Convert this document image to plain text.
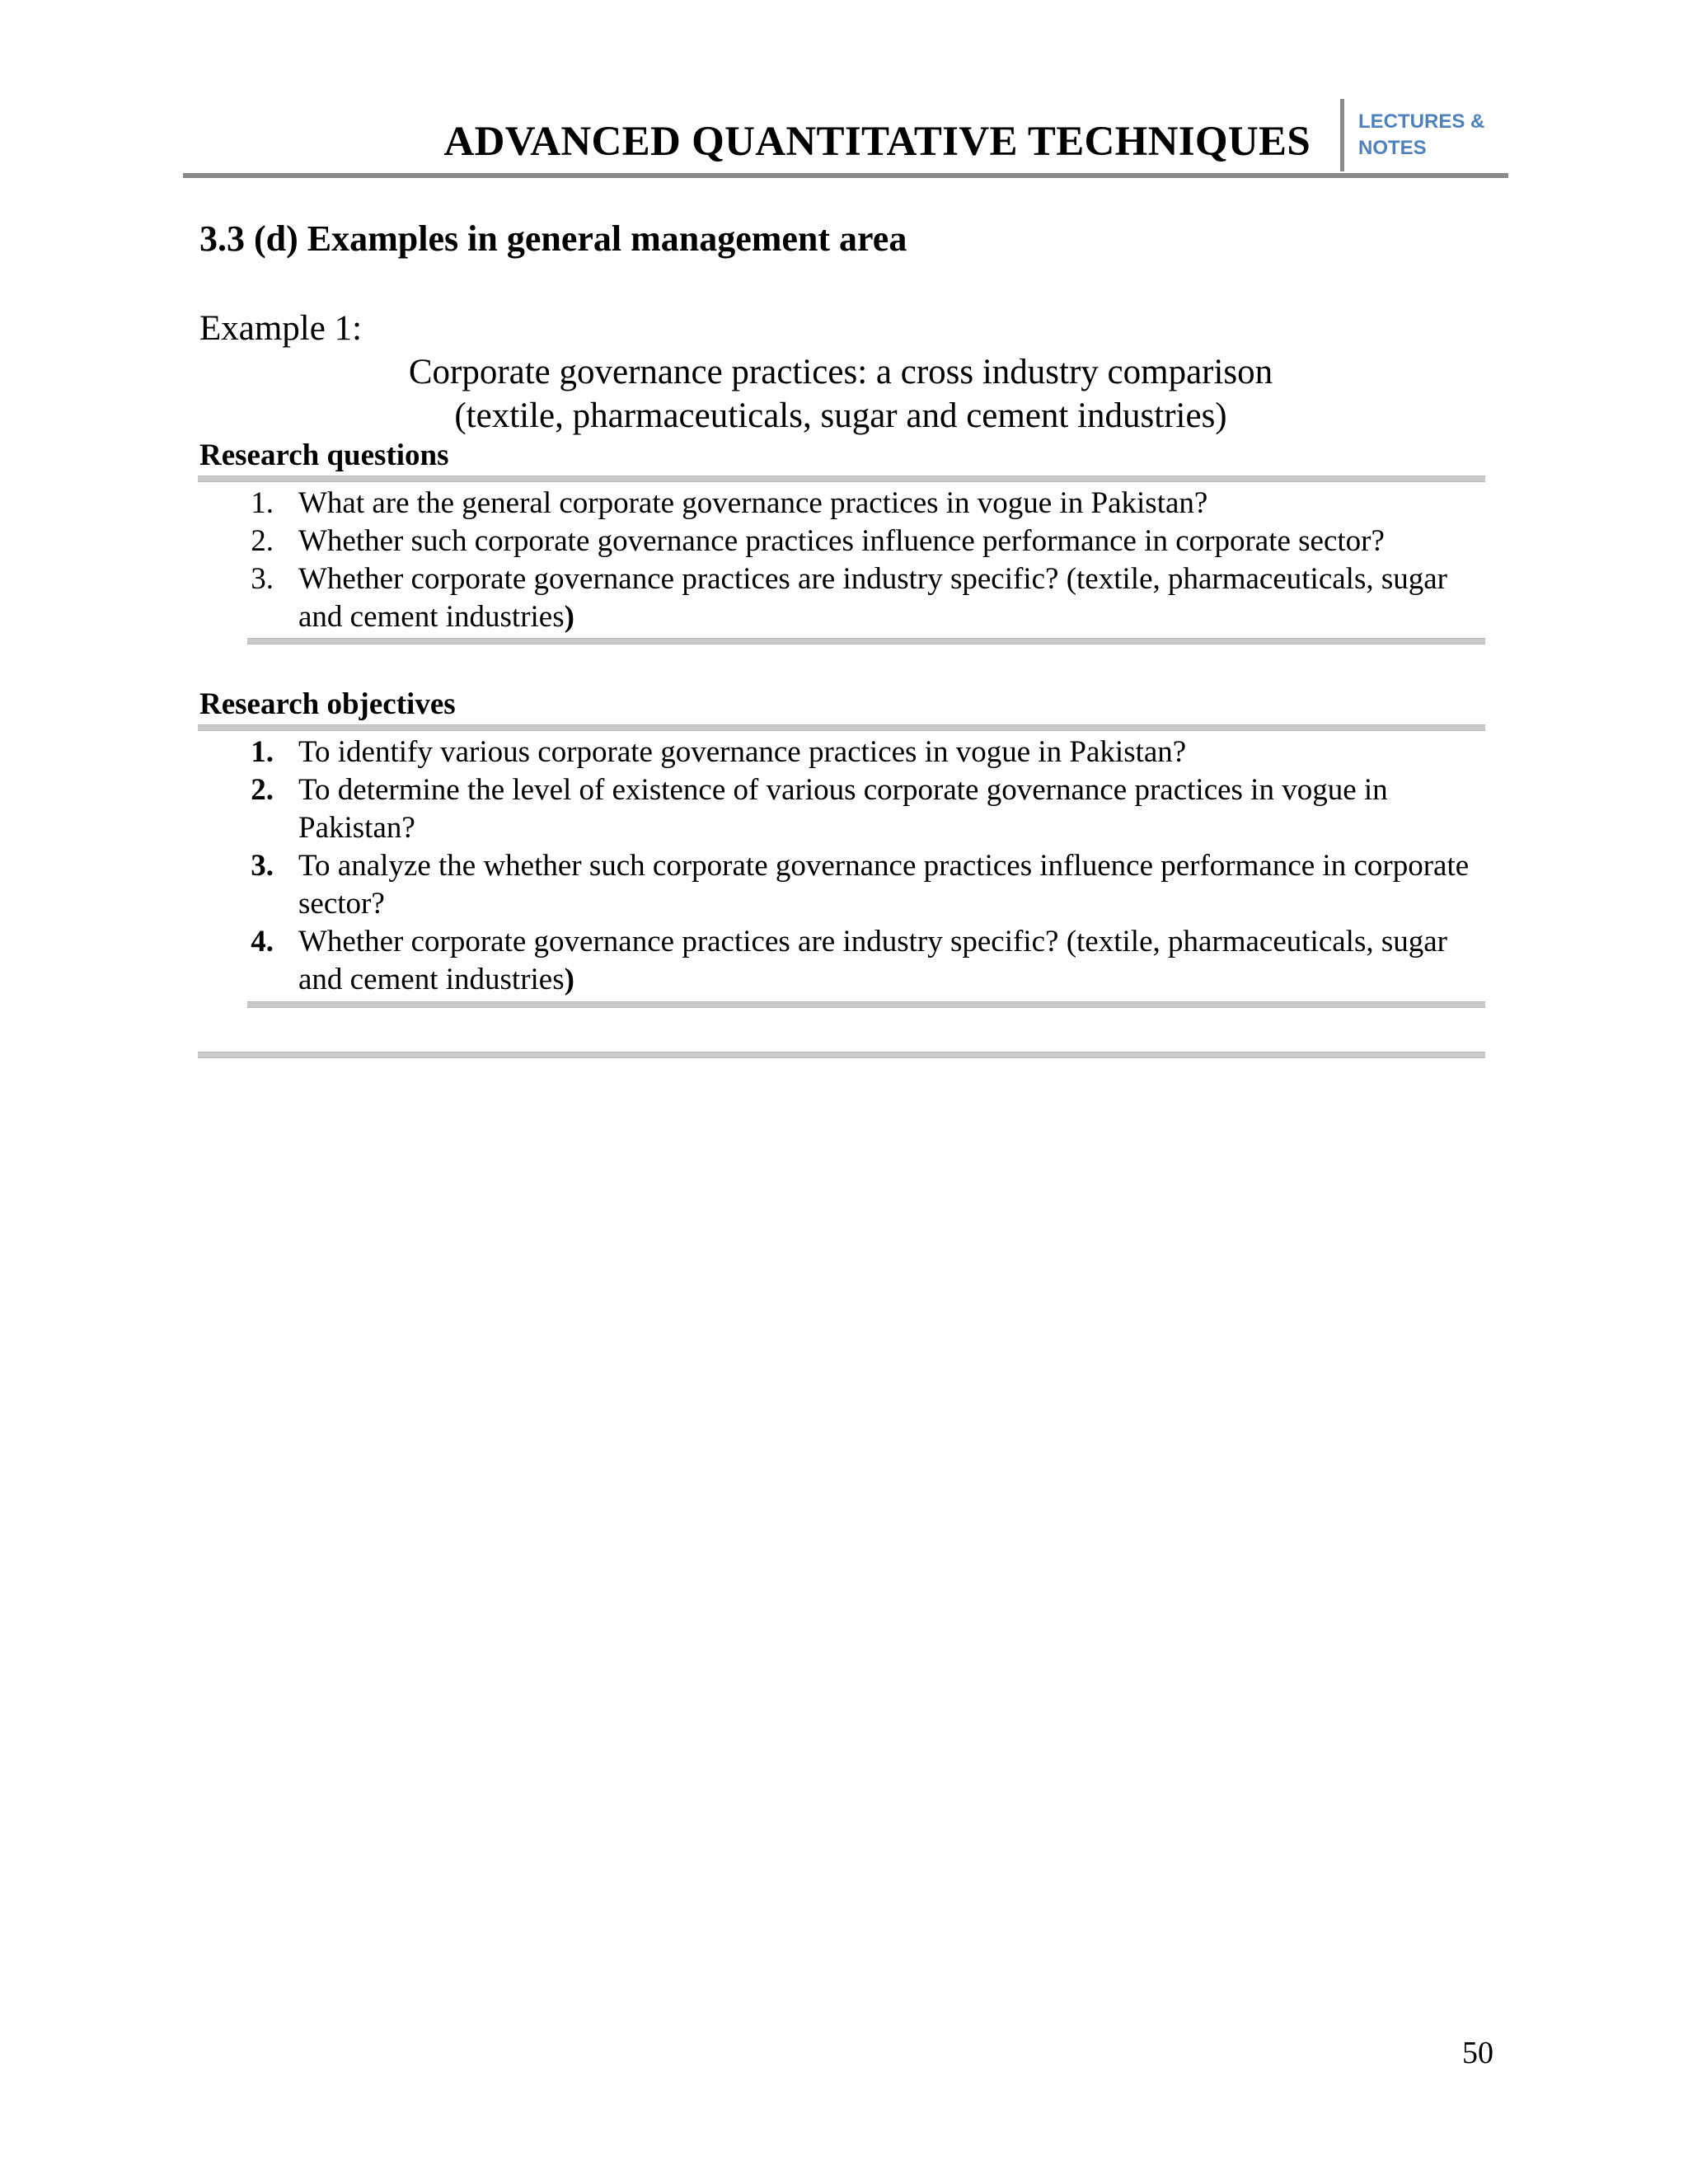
ADVANCED QUANTITATIVE TECHNIQUES LECTURES &
NOTES
3.3 (d) Examples in general management area
Example 1:
Corporate governance practices: a cross industry comparison
(textile, pharmaceuticals, sugar and cement industries)
Research questions
1. What are the general corporate governance practices in vogue in Pakistan?
2. Whether such corporate governance practices influence performance in corporate sector?
3. Whether corporate governance practices are industry specific? (textile, pharmaceuticals, sugar and cement industries)
Research objectives
1. To identify various corporate governance practices in vogue in Pakistan?
2. To determine the level of existence of various corporate governance practices in vogue in Pakistan?
3. To analyze the whether such corporate governance practices influence performance in corporate sector?
4. Whether corporate governance practices are industry specific? (textile, pharmaceuticals, sugar and cement industries)
50
